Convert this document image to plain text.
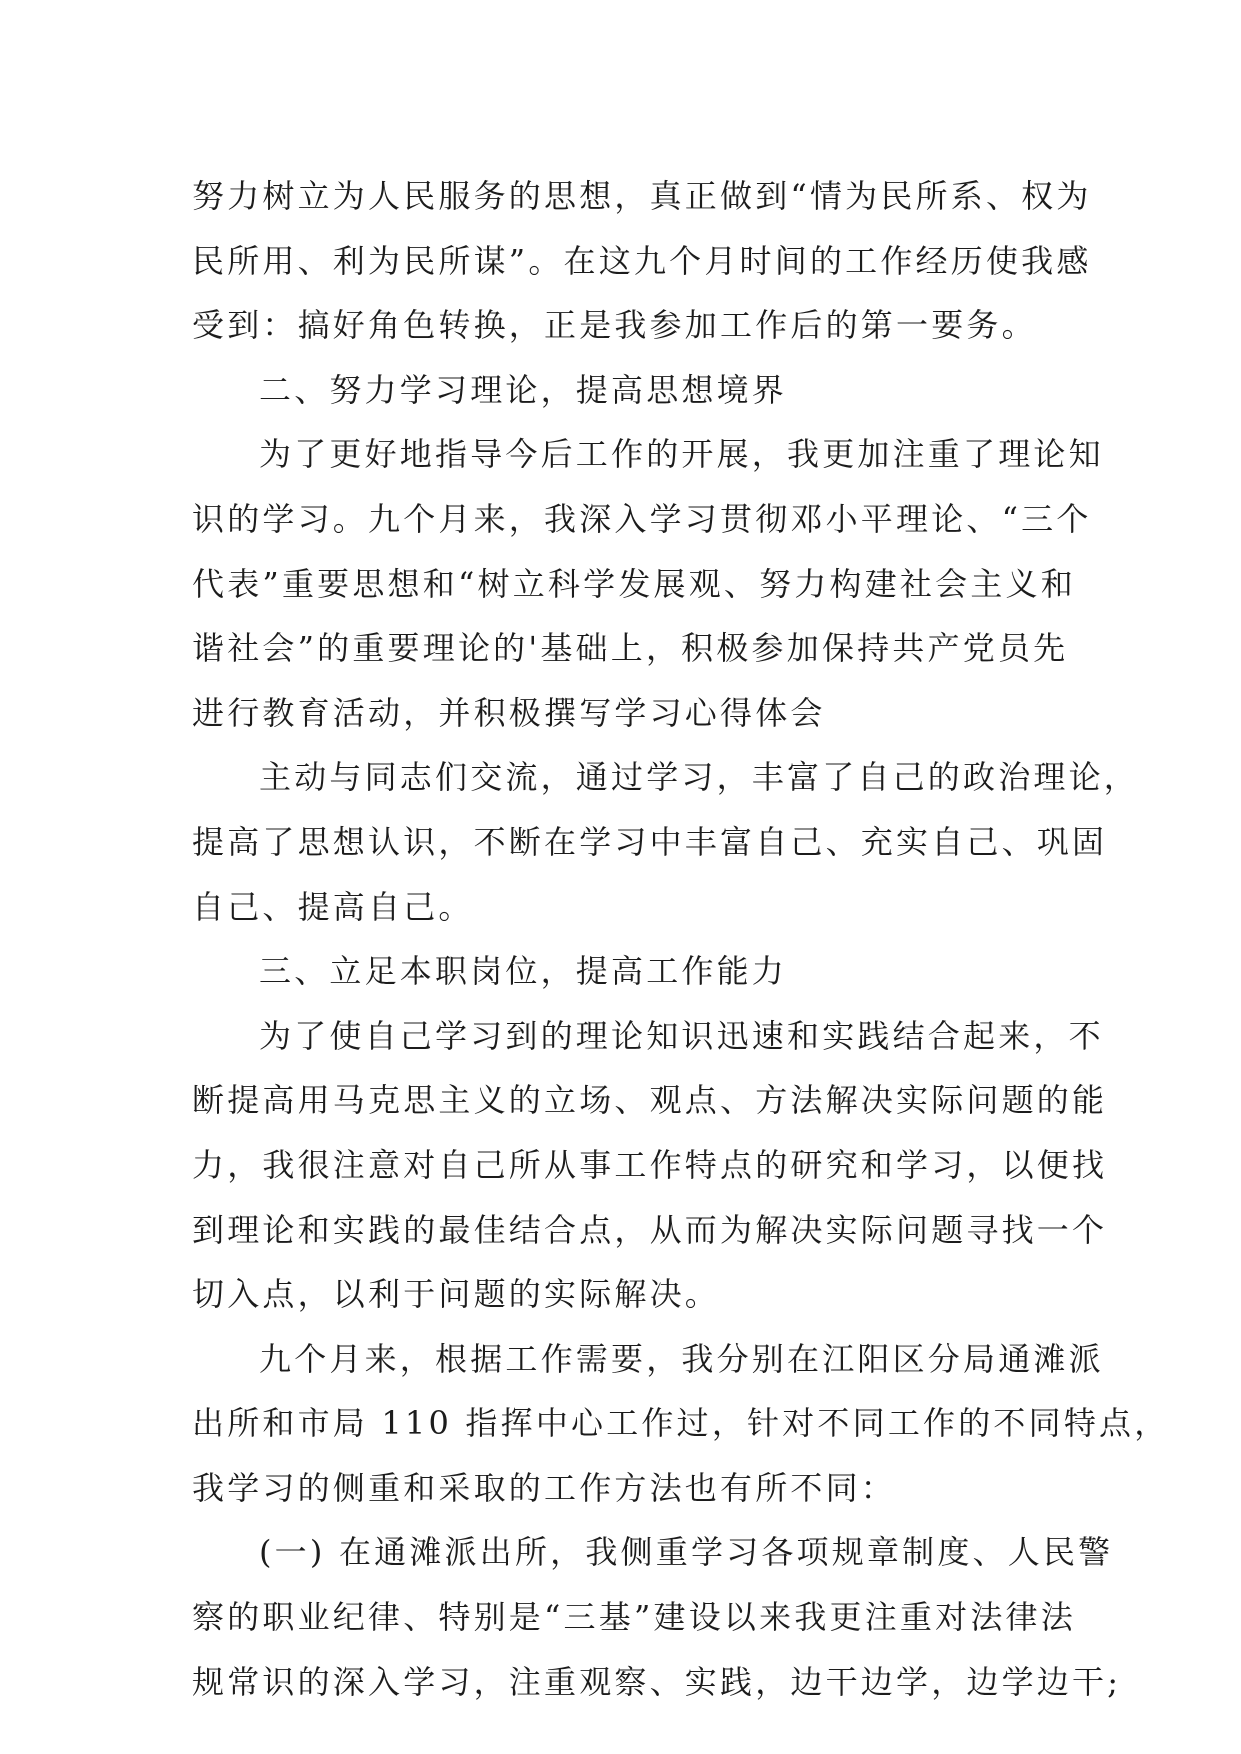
努力树立为人民服务的思想，真正做到“情为民所系、权为
民所用、利为民所谋”。在这九个月时间的工作经历使我感
受到：搞好角色转换，正是我参加工作后的第一要务。
二、努力学习理论，提高思想境界
为了更好地指导今后工作的开展，我更加注重了理论知
识的学习。九个月来，我深入学习贯彻邓小平理论、“三个
代表”重要思想和“树立科学发展观、努力构建社会主义和
谐社会”的重要理论的'基础上，积极参加保持共产党员先
进行教育活动，并积极撰写学习心得体会
主动与同志们交流，通过学习，丰富了自己的政治理论，
提高了思想认识，不断在学习中丰富自己、充实自己、巩固
自己、提高自己。
三、立足本职岗位，提高工作能力
为了使自己学习到的理论知识迅速和实践结合起来，不
断提高用马克思主义的立场、观点、方法解决实际问题的能
力，我很注意对自己所从事工作特点的研究和学习，以便找
到理论和实践的最佳结合点，从而为解决实际问题寻找一个
切入点，以利于问题的实际解决。
九个月来，根据工作需要，我分别在江阳区分局通滩派
出所和市局 110 指挥中心工作过，针对不同工作的不同特点，
我学习的侧重和采取的工作方法也有所不同：
(一) 在通滩派出所，我侧重学习各项规章制度、人民警
察的职业纪律、特别是“三基”建设以来我更注重对法律法
规常识的深入学习，注重观察、实践，边干边学，边学边干;
